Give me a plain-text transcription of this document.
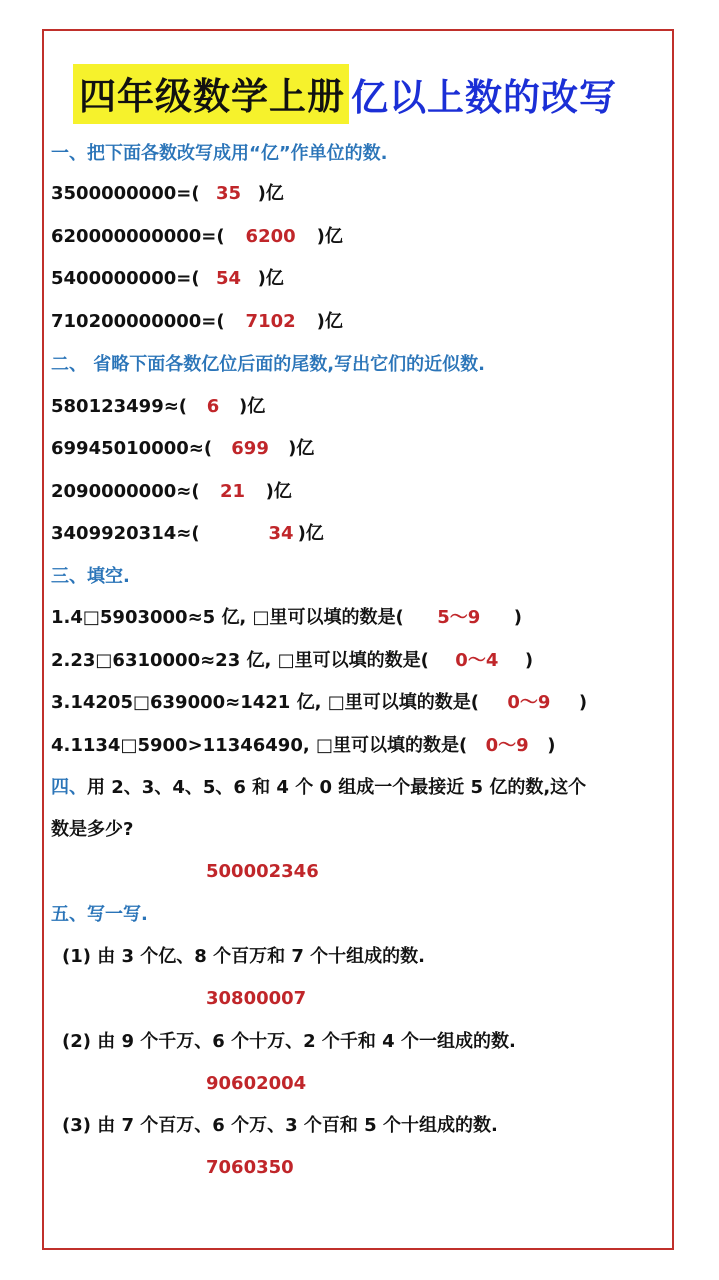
四年级数学上册 亿以上数的改写
一、把下面各数改写成用“亿”作单位的数.
3500000000=( 35 )亿
620000000000=( 6200 )亿
5400000000=( 54 )亿
710200000000=( 7102 )亿
二、 省略下面各数亿位后面的尾数,写出它们的近似数.
580123499≈( 6 )亿
69945010000≈( 699 )亿
2090000000≈( 21 )亿
3409920314≈(	34 )亿
三、填空.
1.4□5903000≈5 亿, □里可以填的数是( 5〜9 )
2.23□6310000≈23 亿, □里可以填的数是( 0〜4 )
3.14205□639000≈1421 亿, □里可以填的数是( 0〜9 )
4.1134□5900>11346490, □里可以填的数是( 0〜9 )
四、用 2、3、4、5、6 和 4 个 0 组成一个最接近 5 亿的数,这个
数是多少?
500002346
五、写一写.
(1) 由 3 个亿、8 个百万和 7 个十组成的数.
30800007
(2) 由 9 个千万、6 个十万、2 个千和 4 个一组成的数.
90602004
(3) 由 7 个百万、6 个万、3 个百和 5 个十组成的数.
7060350
